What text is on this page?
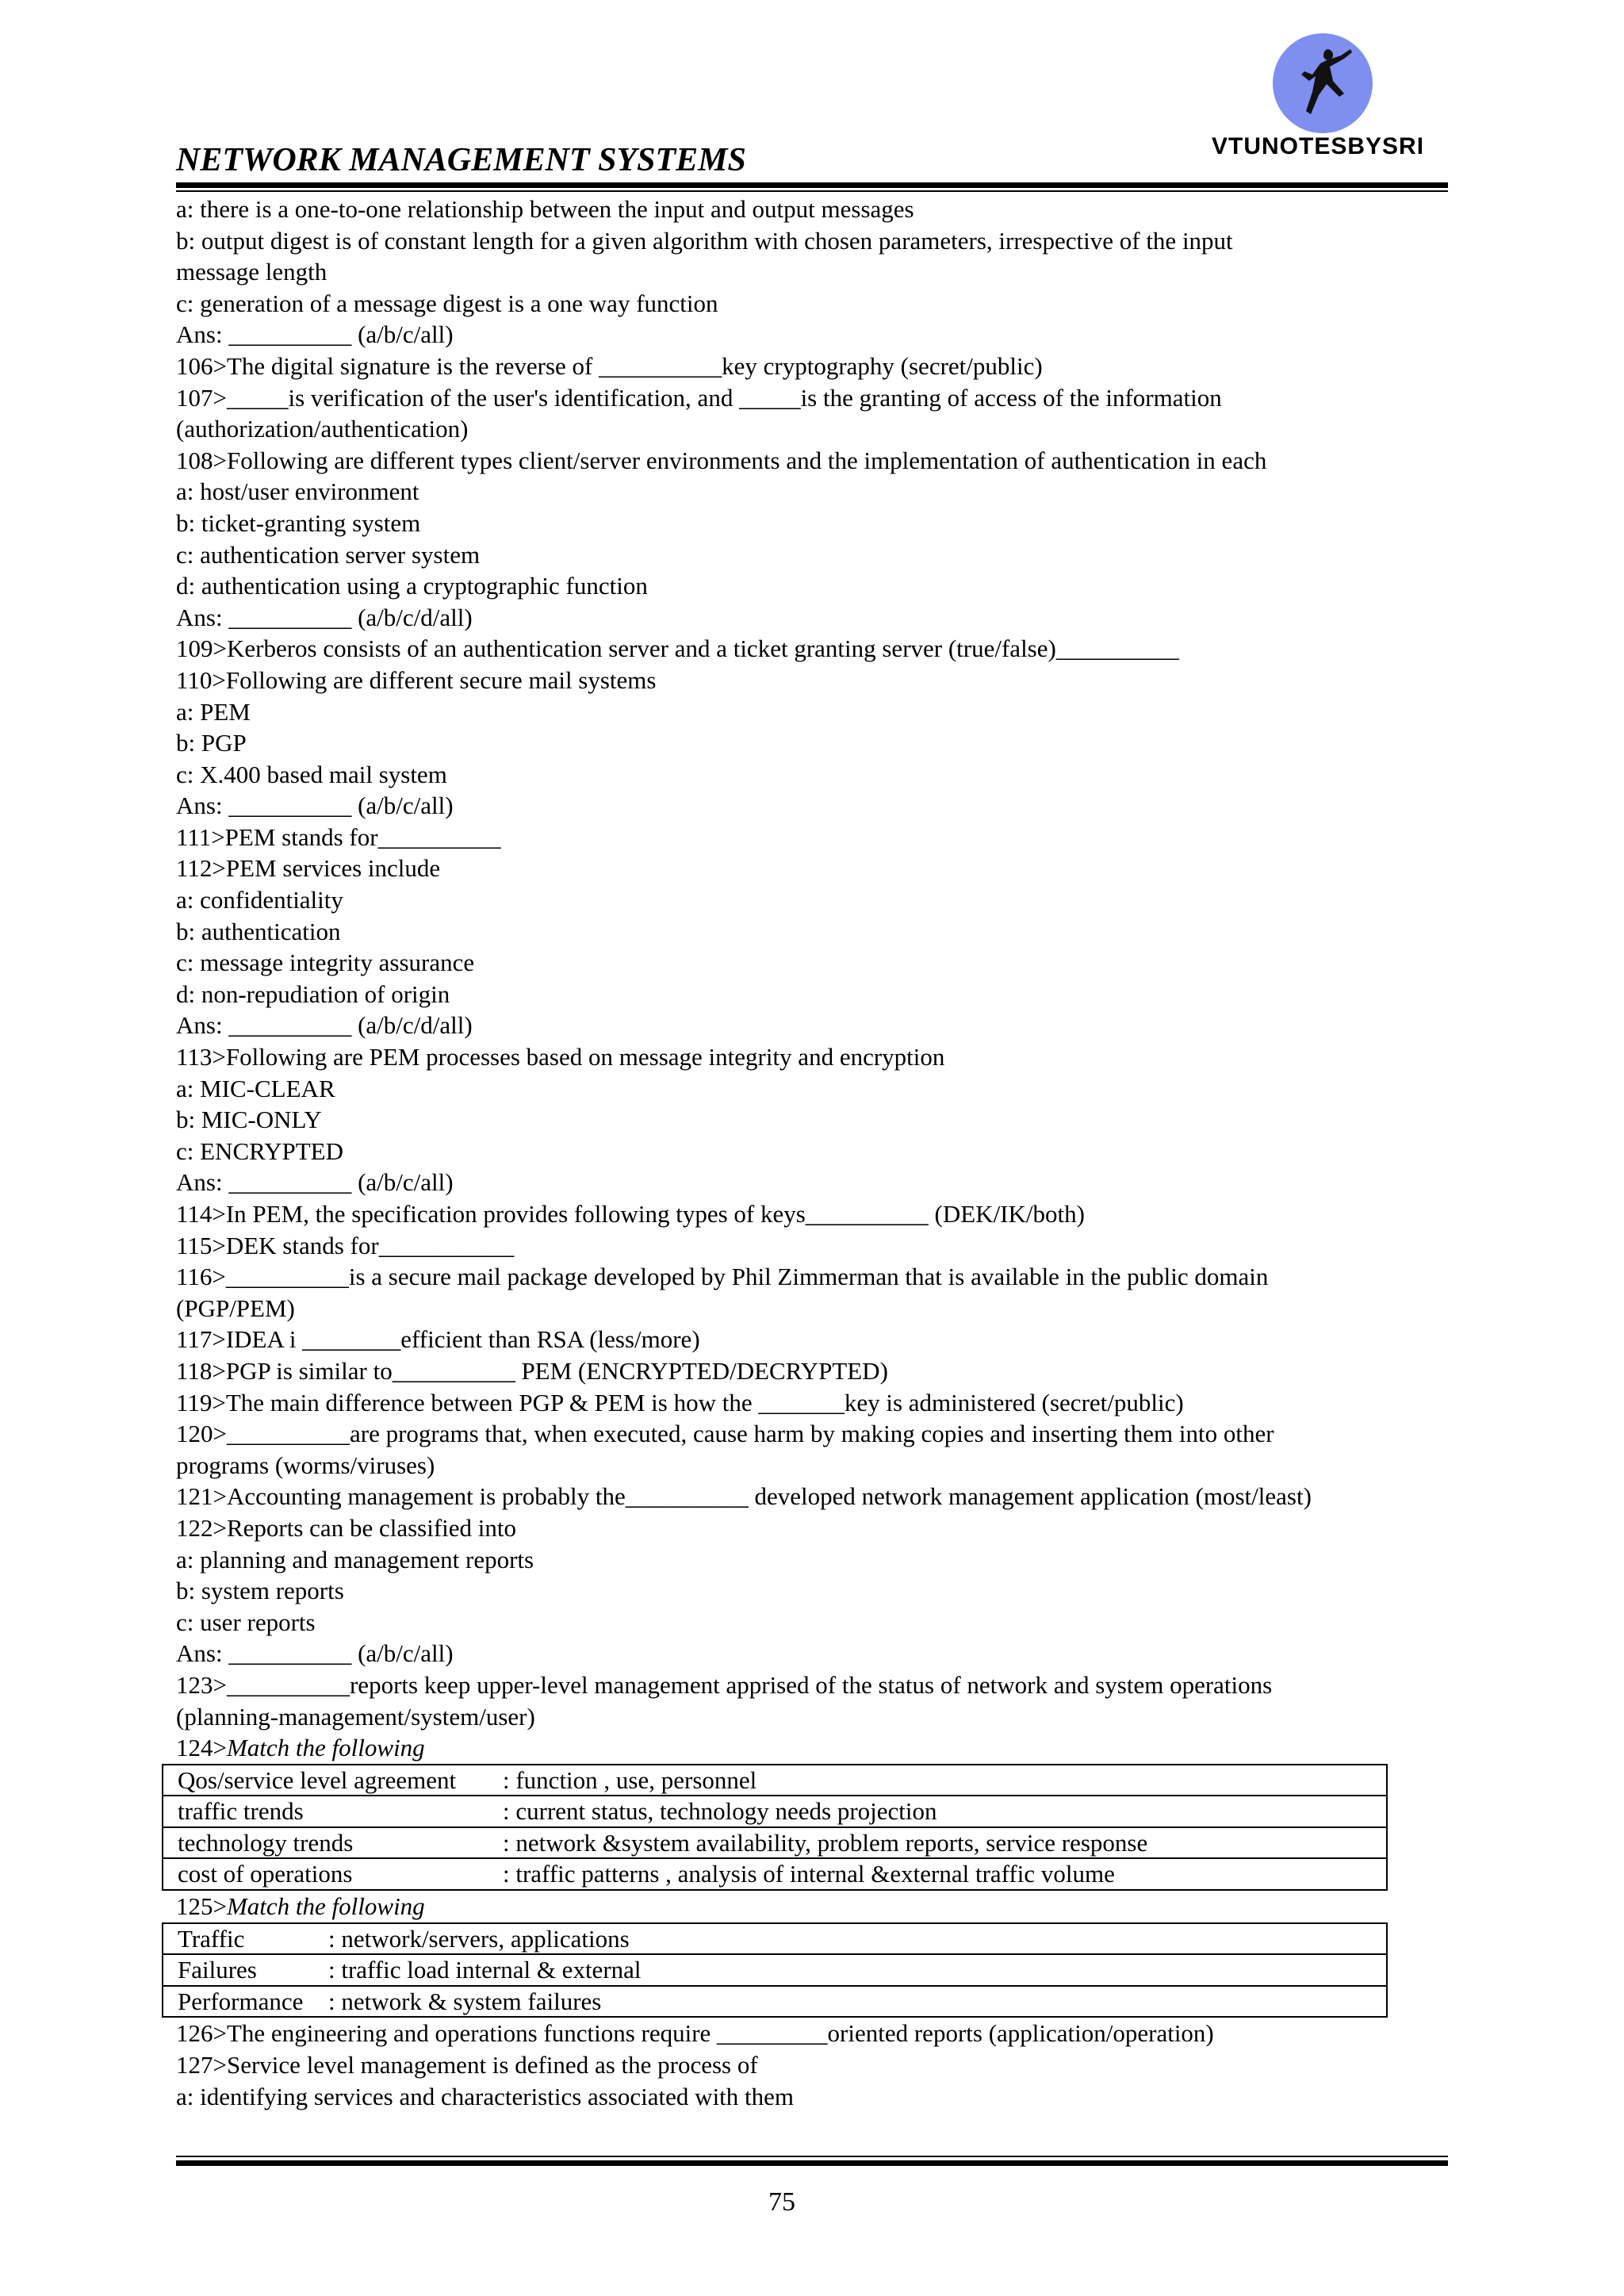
NETWORK MANAGEMENT SYSTEMS	VTUNOTESBYSRI
a: there is a one-to-one relationship between the input and output messages
b: output digest is of constant length for a given algorithm with chosen parameters, irrespective of the input
message length
c: generation of a message digest is a one way function
Ans: __________ (a/b/c/all)
106>The digital signature is the reverse of __________key cryptography (secret/public)
107>_____is verification of the user's identification, and _____is the granting of access of the information
(authorization/authentication)
108>Following are different types client/server environments and the implementation of authentication in each
a: host/user environment
b: ticket-granting system
c: authentication server system
d: authentication using a cryptographic function
Ans: __________ (a/b/c/d/all)
109>Kerberos consists of an authentication server and a ticket granting server (true/false)__________
110>Following are different secure mail systems
a: PEM
b: PGP
c: X.400 based mail system
Ans: __________ (a/b/c/all)
111>PEM stands for__________
112>PEM services include
a: confidentiality
b: authentication
c: message integrity assurance
d: non-repudiation of origin
Ans: __________ (a/b/c/d/all)
113>Following are PEM processes based on message integrity and encryption
a: MIC-CLEAR
b: MIC-ONLY
c: ENCRYPTED
Ans: __________ (a/b/c/all)
114>In PEM, the specification provides following types of keys__________ (DEK/IK/both)
115>DEK stands for___________
116>__________is a secure mail package developed by Phil Zimmerman that is available in the public domain
(PGP/PEM)
117>IDEA i ________efficient than RSA (less/more)
118>PGP is similar to__________ PEM (ENCRYPTED/DECRYPTED)
119>The main difference between PGP & PEM is how the _______key is administered (secret/public)
120>__________are programs that, when executed, cause harm by making copies and inserting them into other
programs (worms/viruses)
121>Accounting management is probably the__________ developed network management application (most/least)
122>Reports can be classified into
a: planning and management reports
b: system reports
c: user reports
Ans: __________ (a/b/c/all)
123>__________reports keep upper-level management apprised of the status of network and system operations
(planning-management/system/user)
124>Match the following
Qos/service level agreement : function , use, personnel
traffic trends	: current status, technology needs projection
technology trends	: network &system availability, problem reports, service response
cost of operations	: traffic patterns , analysis of internal &external traffic volume
125>Match the following
Traffic	: network/servers, applications
Failures	: traffic load internal & external
Performance : network & system failures
126>The engineering and operations functions require _________oriented reports (application/operation)
127>Service level management is defined as the process of
a: identifying services and characteristics associated with them
75
